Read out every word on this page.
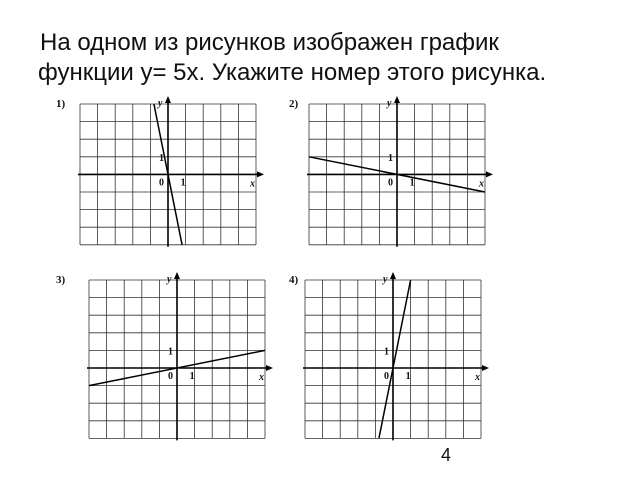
На одном из рисунков изображен график
функции y= 5x. Укажите номер этого рисунка.
1)
x
y
0 1
1
2)
x
y
0 1
1
3)
x
y
0 1
1
4)
x
y
0 1
1
4
